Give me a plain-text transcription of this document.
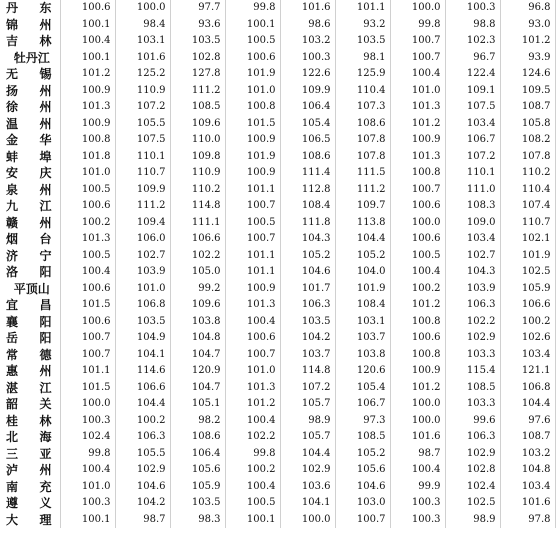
丹 东	100.6	100.0	97.7	99.8	101.6	101.1	100.0	100.3	96.8

锦 州	100.1	98.4	93.6	100.1	98.6	93.2	99.8	98.8	93.0

吉 林	100.4	103.1	103.5	100.5	103.2	103.5	100.7	102.3	101.2

牡丹江	100.1	101.6	102.8	100.6	100.3	98.1	100.7	96.7	93.9

无 锡	101.2	125.2	127.8	101.9	122.6	125.9	100.4	122.4	124.6

扬 州	100.9	110.9	111.2	101.0	109.9	110.4	101.0	109.1	109.5

徐 州	101.3	107.2	108.5	100.8	106.4	107.3	101.3	107.5	108.7

温 州	100.9	105.5	109.6	101.5	105.4	108.6	101.2	103.4	105.8

金 华	100.8	107.5	110.0	100.9	106.5	107.8	100.9	106.7	108.2

蚌 埠	101.8	110.1	109.8	101.9	108.6	107.8	101.3	107.2	107.8

安 庆	101.0	110.7	110.9	100.9	111.4	111.5	100.8	110.1	110.2

泉 州	100.5	109.9	110.2	101.1	112.8	111.2	100.7	111.0	110.4

九 江	100.6	111.2	114.8	100.7	108.4	109.7	100.6	108.3	107.4

赣 州	100.2	109.4	111.1	100.5	111.8	113.8	100.0	109.0	110.7

烟 台	101.3	106.0	106.6	100.7	104.3	104.4	100.6	103.4	102.1

济 宁	100.5	102.7	102.2	101.1	105.2	105.2	100.5	102.7	101.9

洛 阳	100.4	103.9	105.0	101.1	104.6	104.0	100.4	104.3	102.5

平顶山	100.6	101.0	99.2	100.9	101.7	101.9	100.2	103.9	105.9

宜 昌	101.5	106.8	109.6	101.3	106.3	108.4	101.2	106.3	106.6

襄 阳	100.6	103.5	103.8	100.4	103.5	103.1	100.8	102.2	100.2

岳 阳	100.7	104.9	104.8	100.6	104.2	103.7	100.6	102.9	102.6

常 德	100.7	104.1	104.7	100.7	103.7	103.8	100.8	103.3	103.4

惠 州	101.1	114.6	120.9	101.0	114.8	120.6	100.9	115.4	121.1

湛 江	101.5	106.6	104.7	101.3	107.2	105.4	101.2	108.5	106.8

韶 关	100.0	104.4	105.1	101.2	105.7	106.7	100.0	103.3	104.4

桂 林	100.3	100.2	98.2	100.4	98.9	97.3	100.0	99.6	97.6

北 海	102.4	106.3	108.6	102.2	105.7	108.5	101.6	106.3	108.7

三 亚	99.8	105.5	106.4	99.8	104.4	105.2	98.7	102.9	103.2

泸 州	100.4	102.9	105.6	100.2	102.9	105.6	100.4	102.8	104.8

南 充	101.0	104.6	105.9	100.4	103.6	104.6	99.9	102.4	103.4

遵 义	100.3	104.2	103.5	100.5	104.1	103.0	100.3	102.5	101.6

大 理	100.1	98.7	98.3	100.1	100.0	100.7	100.3	98.9	97.8
